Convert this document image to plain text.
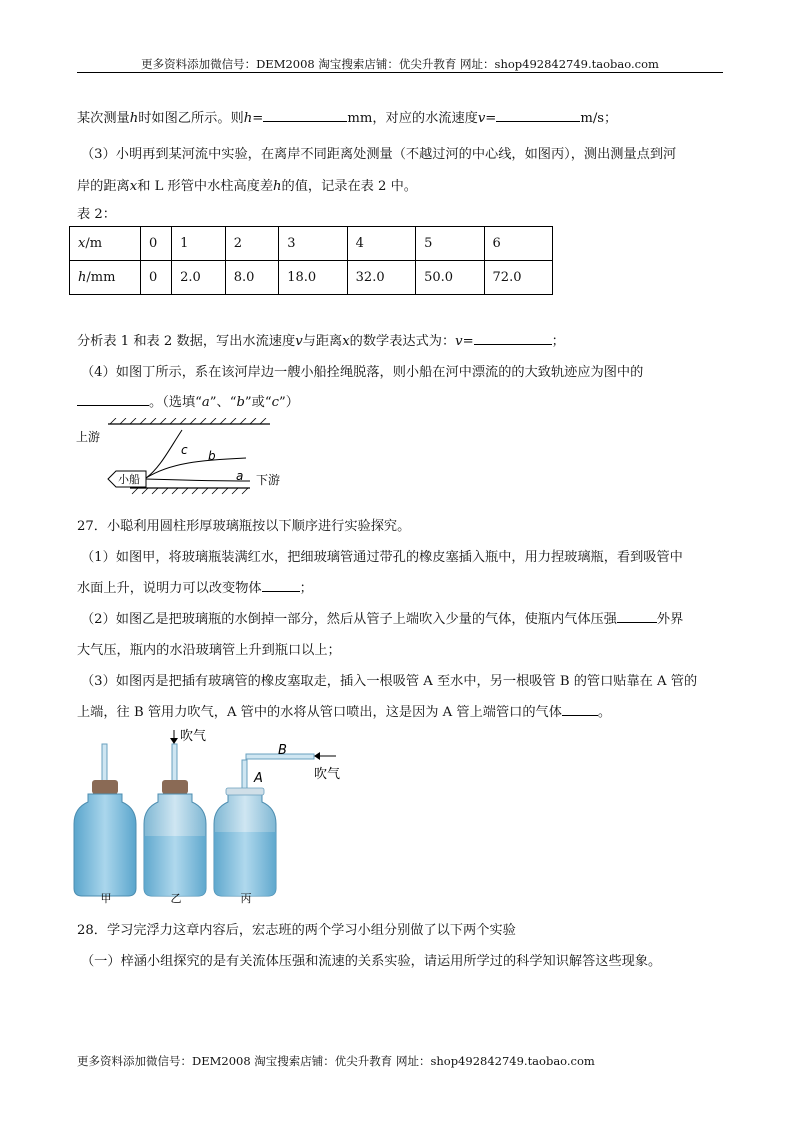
更多资料添加微信号：DEM2008 淘宝搜索店铺：优尖升教育 网址：shop492842749.taobao.com
某次测量h时如图乙所示。则h=	mm，对应的水流速度v=	m/s；
（3）小明再到某河流中实验，在离岸不同距离处测量（不越过河的中心线，如图丙），测出测量点到河
岸的距离x和 L 形管中水柱高度差h的值，记录在表 2 中。
表 2：
x/m	0	1	2	3	4	5	6
h/mm	0	2.0	8.0	18.0	32.0	50.0	72.0
分析表 1 和表 2 数据，写出水流速度v与距离x的数学表达式为：v=	；
（4）如图丁所示，系在该河岸边一艘小船拴绳脱落，则小船在河中漂流的的大致轨迹应为图中的
。（选填“a”、“b”或“c”）
上游
小船
c b
a 下游
27．小聪利用圆柱形厚玻璃瓶按以下顺序进行实验探究。
（1）如图甲，将玻璃瓶装满红水，把细玻璃管通过带孔的橡皮塞插入瓶中，用力捏玻璃瓶，看到吸管中
水面上升，说明力可以改变物体	；
（2）如图乙是把玻璃瓶的水倒掉一部分，然后从管子上端吹入少量的气体，使瓶内气体压强	外界
大气压，瓶内的水沿玻璃管上升到瓶口以上；
（3）如图丙是把插有玻璃管的橡皮塞取走，插入一根吸管 A 至水中，另一根吸管 B 的管口贴靠在 A 管的
上端，往 B 管用力吹气，A 管中的水将从管口喷出，这是因为 A 管上端管口的气体	。
吹气
B
A	吹气
甲	乙	丙
28．学习完浮力这章内容后，宏志班的两个学习小组分别做了以下两个实验
（一）梓涵小组探究的是有关流体压强和流速的关系实验，请运用所学过的科学知识解答这些现象。
更多资料添加微信号：DEM2008 淘宝搜索店铺：优尖升教育 网址：shop492842749.taobao.com
